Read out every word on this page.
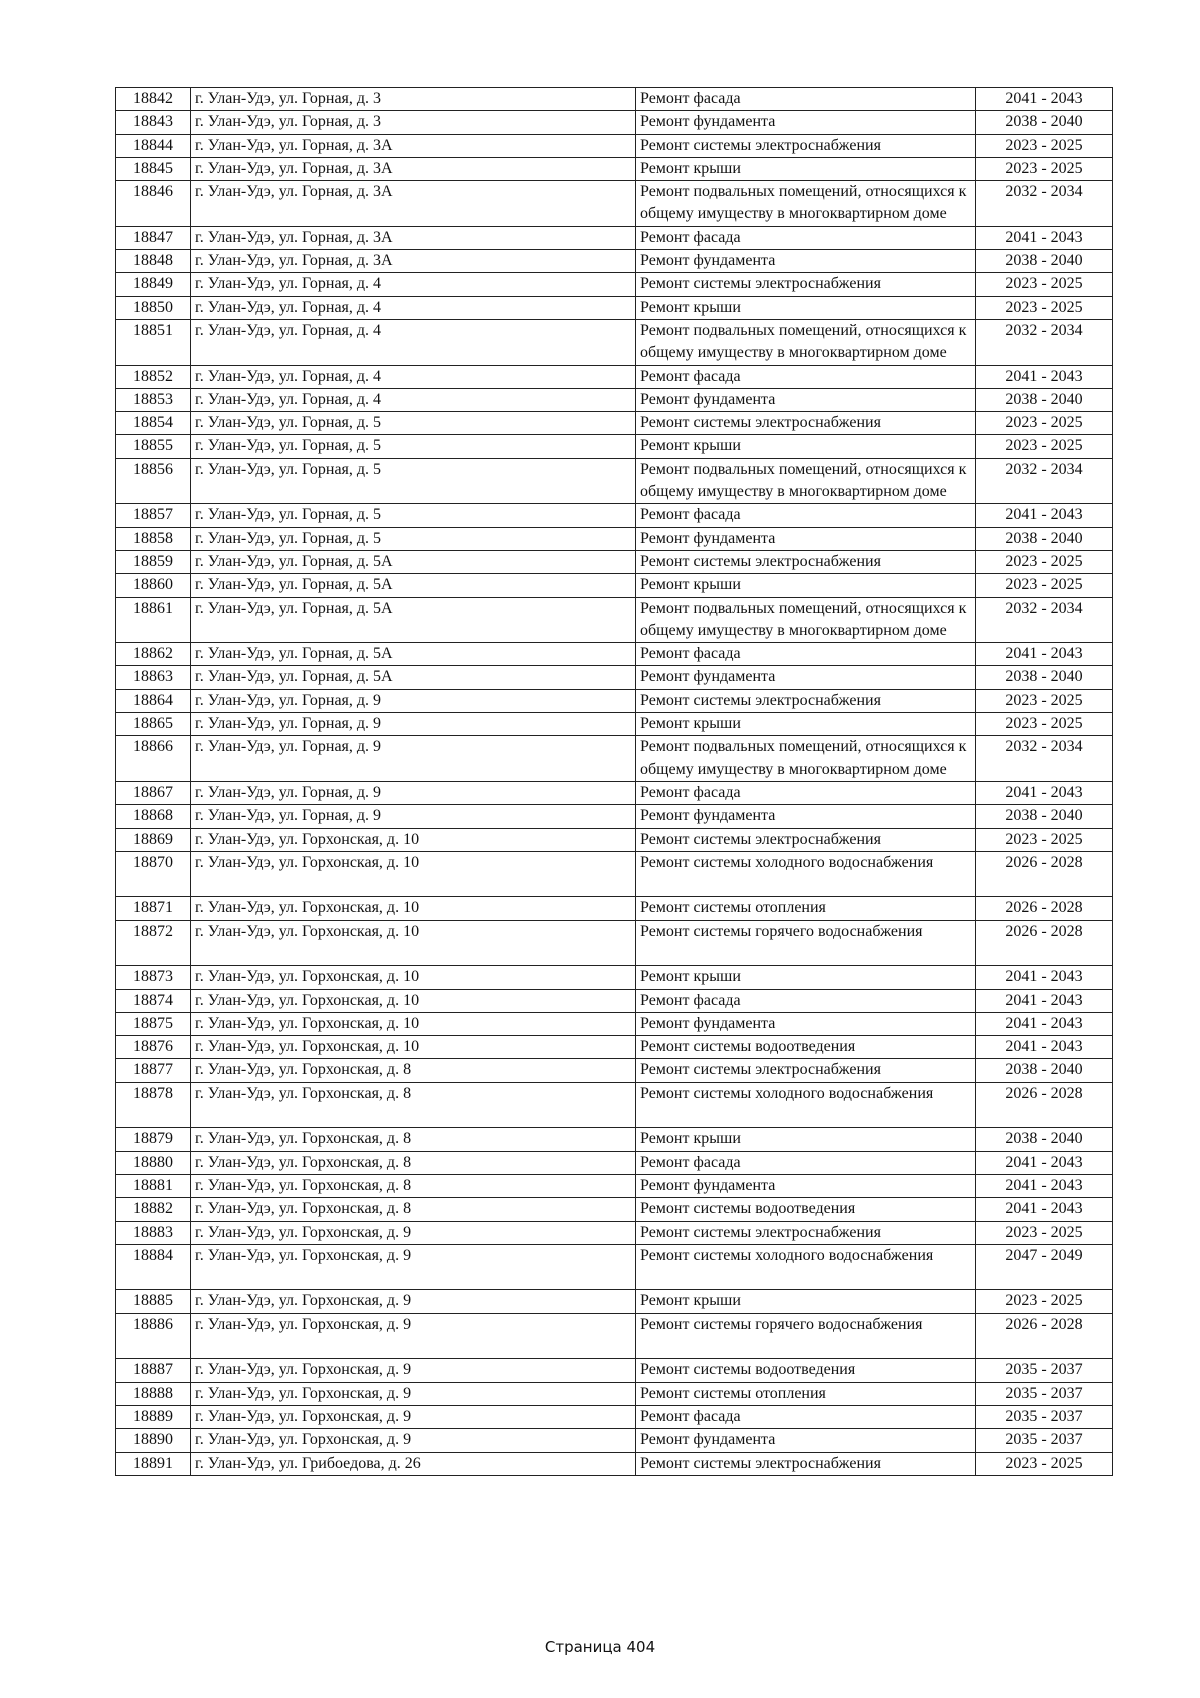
18842	г. Улан-Удэ, ул. Горная, д. 3	Ремонт фасада	2041 - 2043
18843	г. Улан-Удэ, ул. Горная, д. 3	Ремонт фундамента	2038 - 2040
18844	г. Улан-Удэ, ул. Горная, д. 3А	Ремонт системы электроснабжения	2023 - 2025
18845	г. Улан-Удэ, ул. Горная, д. 3А	Ремонт крыши	2023 - 2025
18846	г. Улан-Удэ, ул. Горная, д. 3А	Ремонт подвальных помещений, относящихся к общему имуществу в многоквартирном доме	2032 - 2034
18847	г. Улан-Удэ, ул. Горная, д. 3А	Ремонт фасада	2041 - 2043
18848	г. Улан-Удэ, ул. Горная, д. 3А	Ремонт фундамента	2038 - 2040
18849	г. Улан-Удэ, ул. Горная, д. 4	Ремонт системы электроснабжения	2023 - 2025
18850	г. Улан-Удэ, ул. Горная, д. 4	Ремонт крыши	2023 - 2025
18851	г. Улан-Удэ, ул. Горная, д. 4	Ремонт подвальных помещений, относящихся к общему имуществу в многоквартирном доме	2032 - 2034
18852	г. Улан-Удэ, ул. Горная, д. 4	Ремонт фасада	2041 - 2043
18853	г. Улан-Удэ, ул. Горная, д. 4	Ремонт фундамента	2038 - 2040
18854	г. Улан-Удэ, ул. Горная, д. 5	Ремонт системы электроснабжения	2023 - 2025
18855	г. Улан-Удэ, ул. Горная, д. 5	Ремонт крыши	2023 - 2025
18856	г. Улан-Удэ, ул. Горная, д. 5	Ремонт подвальных помещений, относящихся к общему имуществу в многоквартирном доме	2032 - 2034
18857	г. Улан-Удэ, ул. Горная, д. 5	Ремонт фасада	2041 - 2043
18858	г. Улан-Удэ, ул. Горная, д. 5	Ремонт фундамента	2038 - 2040
18859	г. Улан-Удэ, ул. Горная, д. 5А	Ремонт системы электроснабжения	2023 - 2025
18860	г. Улан-Удэ, ул. Горная, д. 5А	Ремонт крыши	2023 - 2025
18861	г. Улан-Удэ, ул. Горная, д. 5А	Ремонт подвальных помещений, относящихся к общему имуществу в многоквартирном доме	2032 - 2034
18862	г. Улан-Удэ, ул. Горная, д. 5А	Ремонт фасада	2041 - 2043
18863	г. Улан-Удэ, ул. Горная, д. 5А	Ремонт фундамента	2038 - 2040
18864	г. Улан-Удэ, ул. Горная, д. 9	Ремонт системы электроснабжения	2023 - 2025
18865	г. Улан-Удэ, ул. Горная, д. 9	Ремонт крыши	2023 - 2025
18866	г. Улан-Удэ, ул. Горная, д. 9	Ремонт подвальных помещений, относящихся к общему имуществу в многоквартирном доме	2032 - 2034
18867	г. Улан-Удэ, ул. Горная, д. 9	Ремонт фасада	2041 - 2043
18868	г. Улан-Удэ, ул. Горная, д. 9	Ремонт фундамента	2038 - 2040
18869	г. Улан-Удэ, ул. Горхонская, д. 10	Ремонт системы электроснабжения	2023 - 2025
18870	г. Улан-Удэ, ул. Горхонская, д. 10	Ремонт системы холодного водоснабжения	2026 - 2028
18871	г. Улан-Удэ, ул. Горхонская, д. 10	Ремонт системы отопления	2026 - 2028
18872	г. Улан-Удэ, ул. Горхонская, д. 10	Ремонт системы горячего водоснабжения	2026 - 2028
18873	г. Улан-Удэ, ул. Горхонская, д. 10	Ремонт крыши	2041 - 2043
18874	г. Улан-Удэ, ул. Горхонская, д. 10	Ремонт фасада	2041 - 2043
18875	г. Улан-Удэ, ул. Горхонская, д. 10	Ремонт фундамента	2041 - 2043
18876	г. Улан-Удэ, ул. Горхонская, д. 10	Ремонт системы водоотведения	2041 - 2043
18877	г. Улан-Удэ, ул. Горхонская, д. 8	Ремонт системы электроснабжения	2038 - 2040
18878	г. Улан-Удэ, ул. Горхонская, д. 8	Ремонт системы холодного водоснабжения	2026 - 2028
18879	г. Улан-Удэ, ул. Горхонская, д. 8	Ремонт крыши	2038 - 2040
18880	г. Улан-Удэ, ул. Горхонская, д. 8	Ремонт фасада	2041 - 2043
18881	г. Улан-Удэ, ул. Горхонская, д. 8	Ремонт фундамента	2041 - 2043
18882	г. Улан-Удэ, ул. Горхонская, д. 8	Ремонт системы водоотведения	2041 - 2043
18883	г. Улан-Удэ, ул. Горхонская, д. 9	Ремонт системы электроснабжения	2023 - 2025
18884	г. Улан-Удэ, ул. Горхонская, д. 9	Ремонт системы холодного водоснабжения	2047 - 2049
18885	г. Улан-Удэ, ул. Горхонская, д. 9	Ремонт крыши	2023 - 2025
18886	г. Улан-Удэ, ул. Горхонская, д. 9	Ремонт системы горячего водоснабжения	2026 - 2028
18887	г. Улан-Удэ, ул. Горхонская, д. 9	Ремонт системы водоотведения	2035 - 2037
18888	г. Улан-Удэ, ул. Горхонская, д. 9	Ремонт системы отопления	2035 - 2037
18889	г. Улан-Удэ, ул. Горхонская, д. 9	Ремонт фасада	2035 - 2037
18890	г. Улан-Удэ, ул. Горхонская, д. 9	Ремонт фундамента	2035 - 2037
18891	г. Улан-Удэ, ул. Грибоедова, д. 26	Ремонт системы электроснабжения	2023 - 2025
Страница 404
